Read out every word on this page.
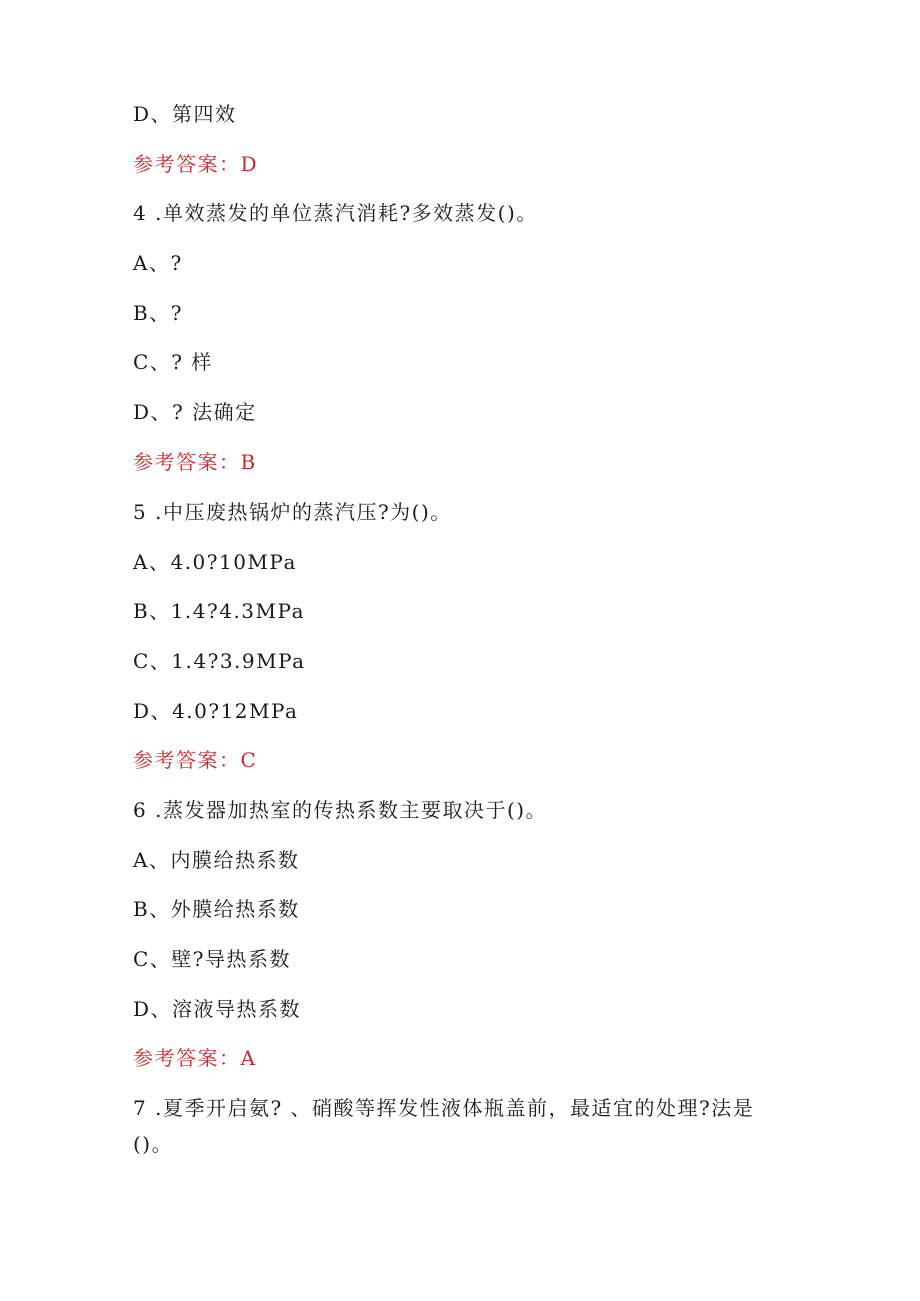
D、第四效
参考答案：D
4 .单效蒸发的单位蒸汽消耗?多效蒸发()。
A、?
B、?
C、? 样
D、? 法确定
参考答案：B
5 .中压废热锅炉的蒸汽压?为()。
A、4.0?10MPa
B、1.4?4.3MPa
C、1.4?3.9MPa
D、4.0?12MPa
参考答案：C
6 .蒸发器加热室的传热系数主要取决于()。
A、内膜给热系数
B、外膜给热系数
C、壁?导热系数
D、溶液导热系数
参考答案：A
7 .夏季开启氨? 、硝酸等挥发性液体瓶盖前，最适宜的处理?法是()。
